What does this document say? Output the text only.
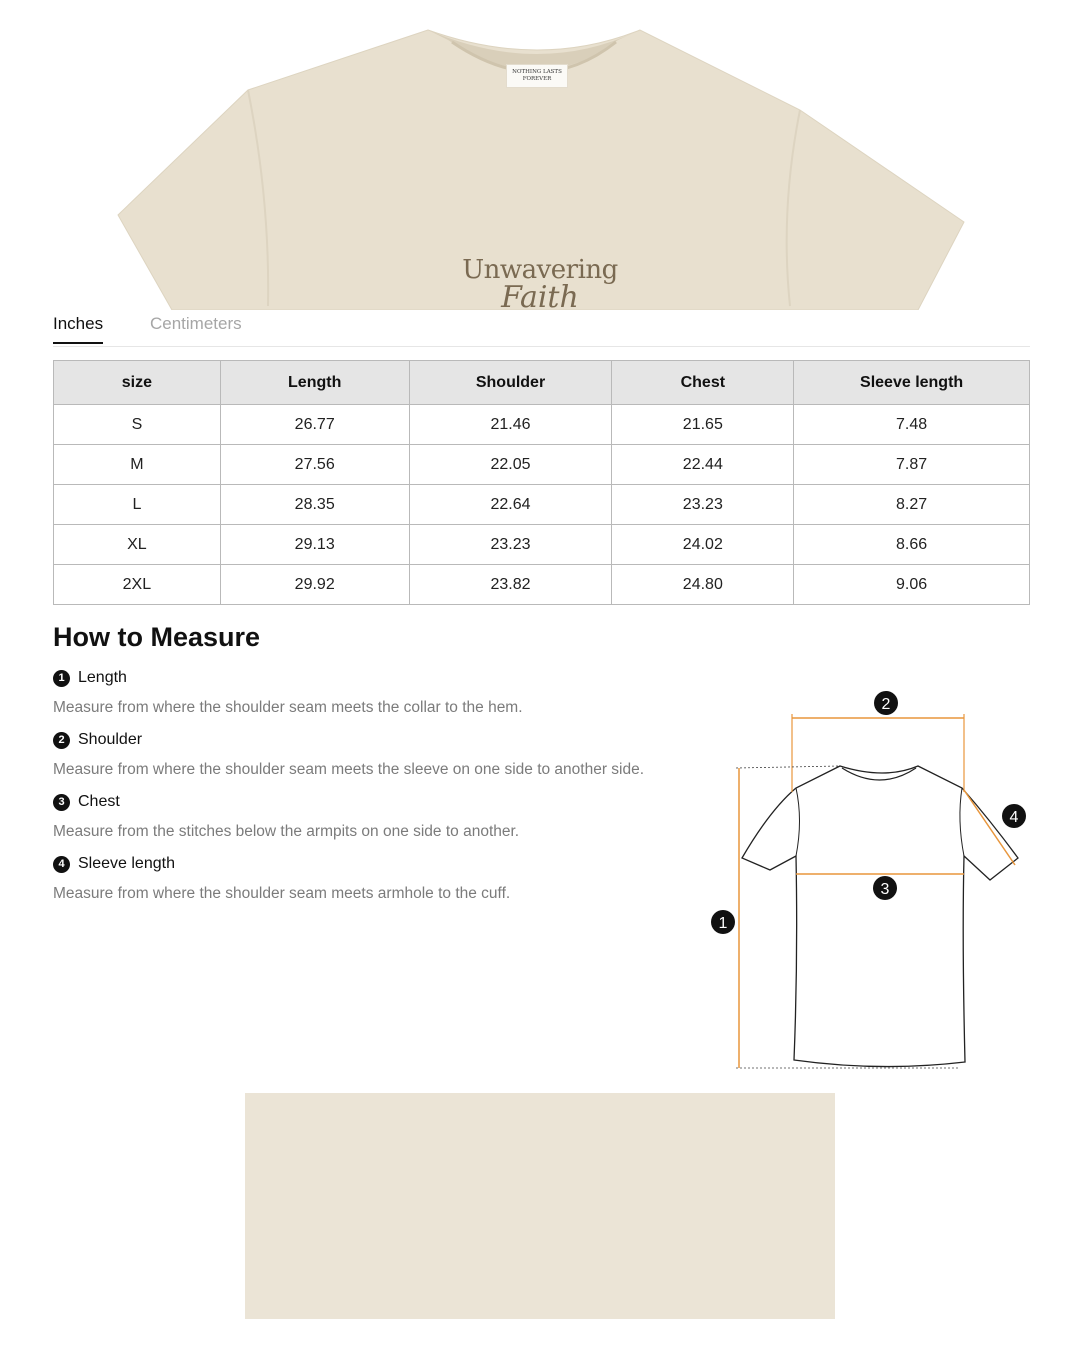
NOTHING LASTS
FOREVER
Unwavering
Faith
Inches	Centimeters
size	Length	Shoulder	Chest	Sleeve length
S	26.77	21.46	21.65	7.48
M	27.56	22.05	22.44	7.87
L	28.35	22.64	23.23	8.27
XL	29.13	23.23	24.02	8.66
2XL	29.92	23.82	24.80	9.06
How to Measure
1 Length
Measure from where the shoulder seam meets the collar to the hem.
2 Shoulder
Measure from where the shoulder seam meets the sleeve on one side to another side.
3 Chest
Measure from the stitches below the armpits on one side to another.
4 Sleeve length
Measure from where the shoulder seam meets armhole to the cuff.
2
4
3
1
